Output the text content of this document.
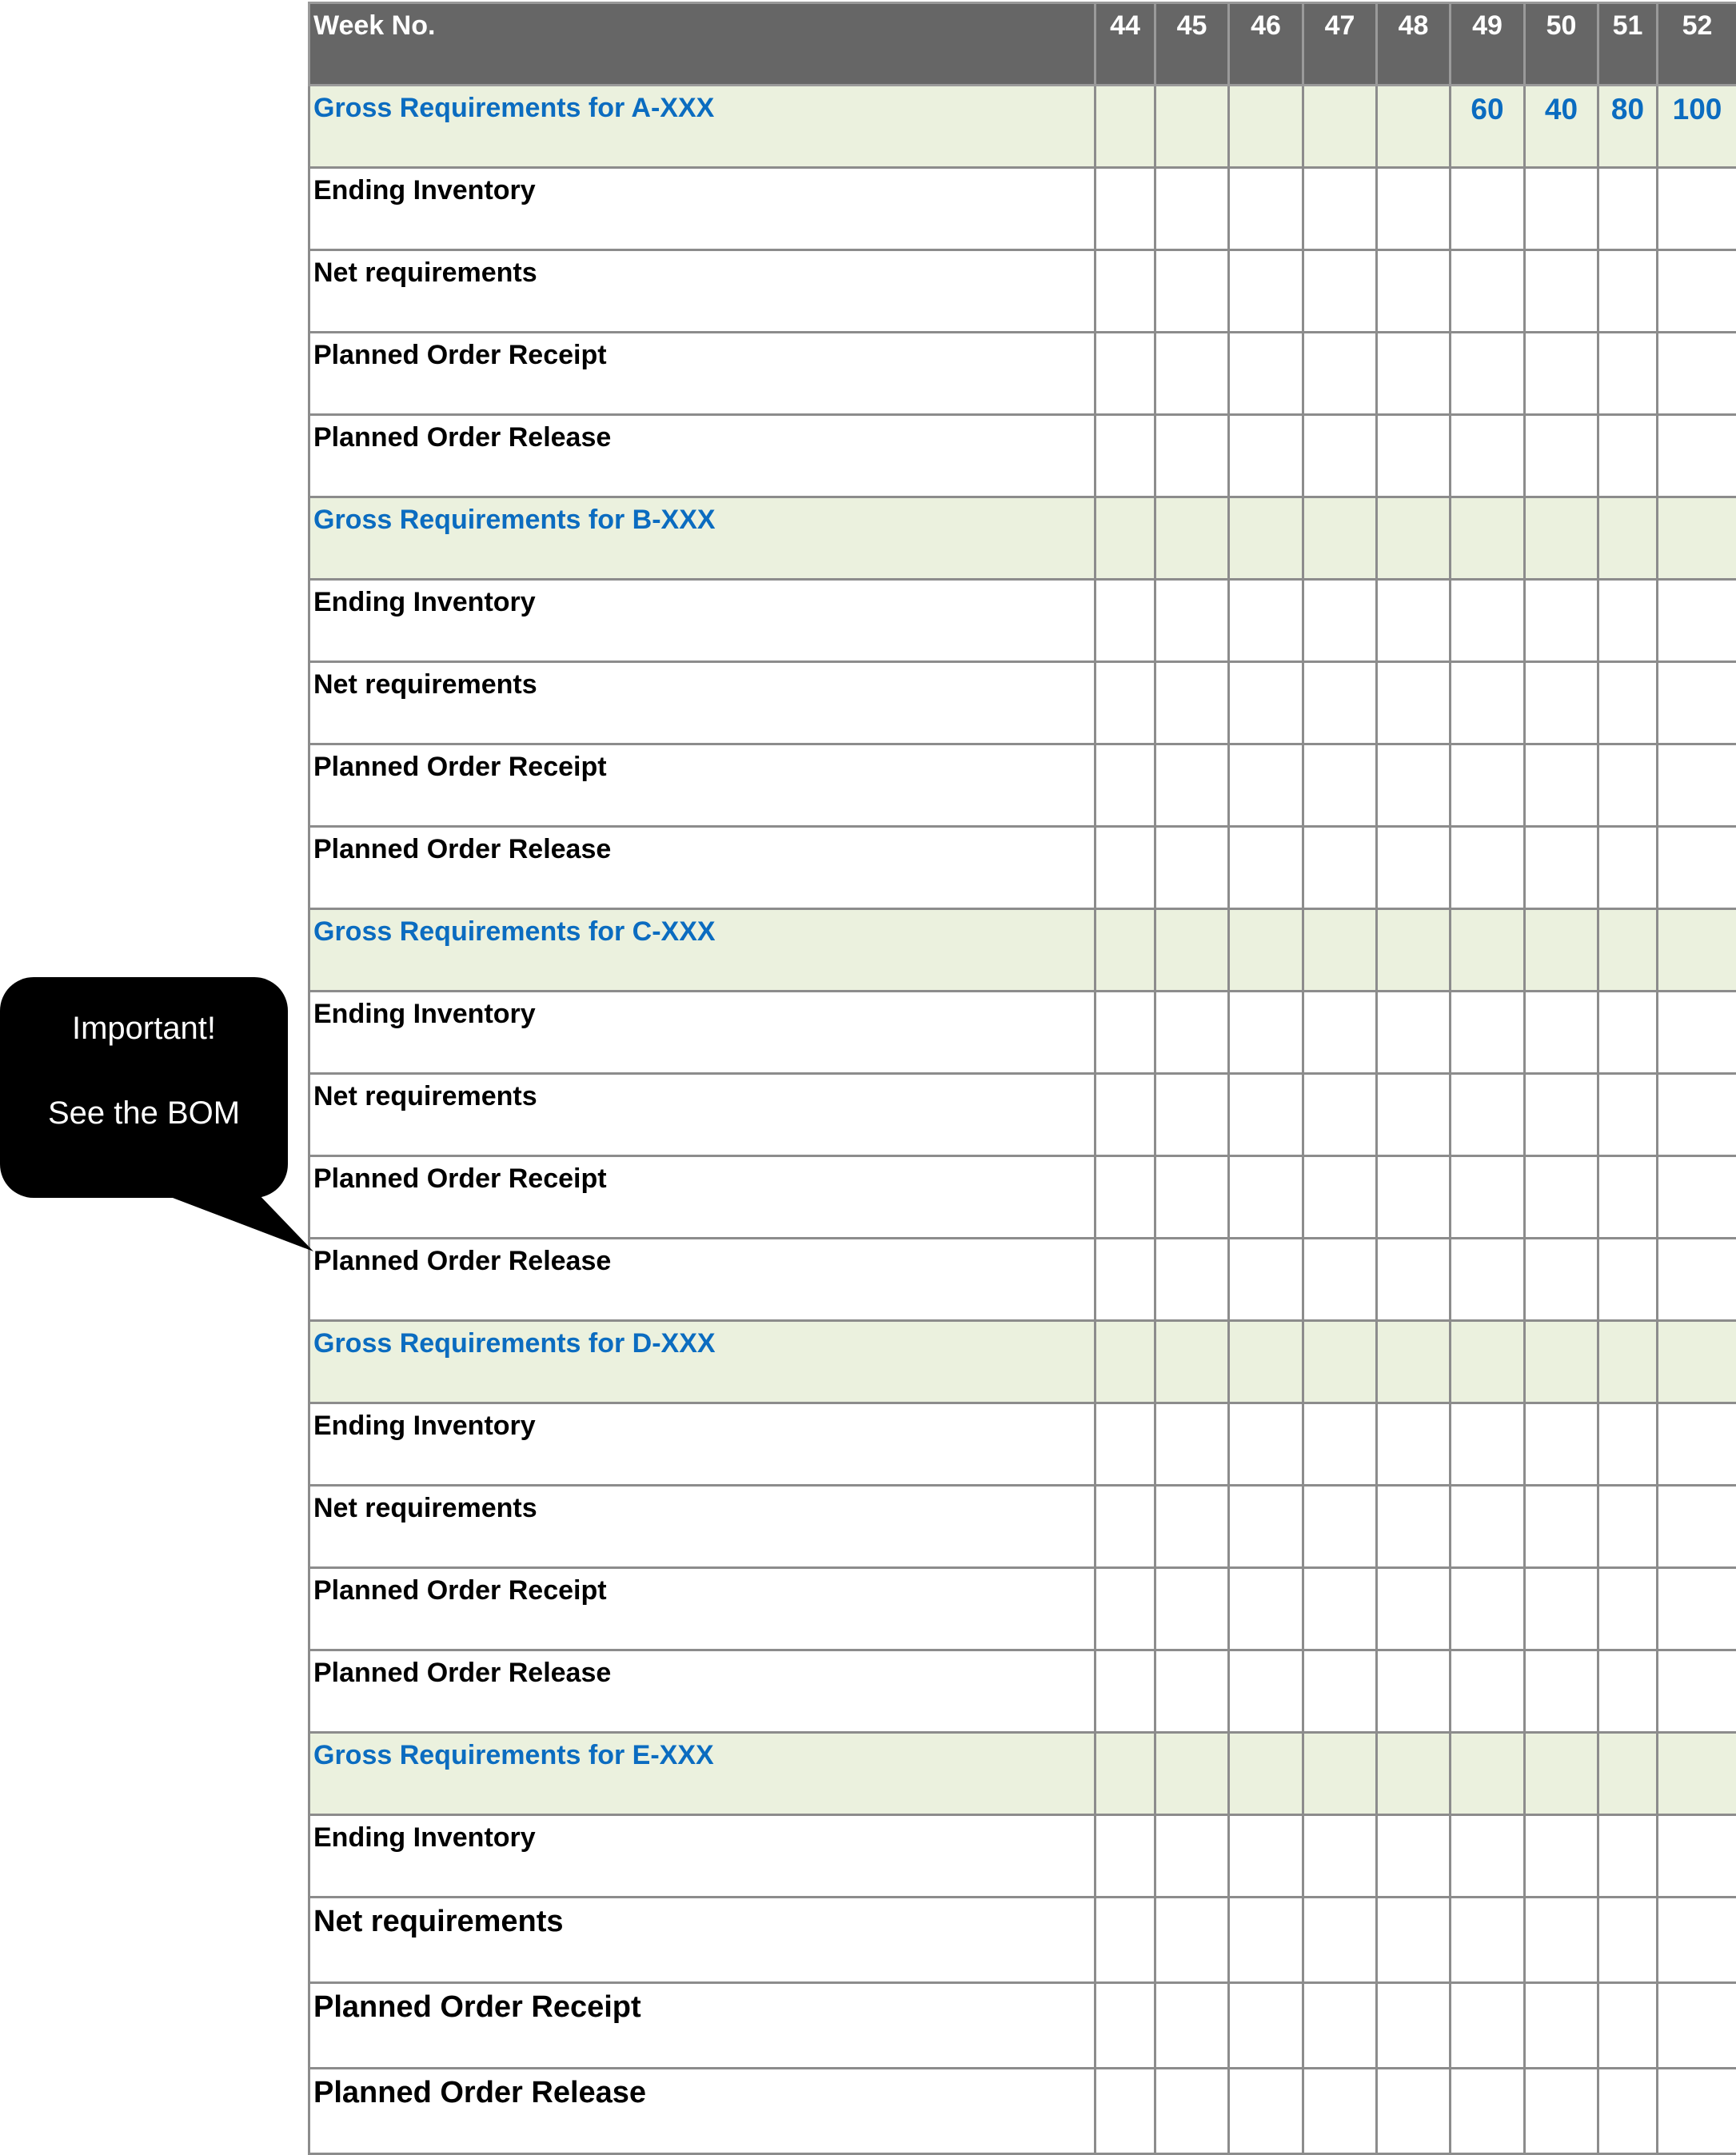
Week No.	44	45	46	47	48	49	50	51	52
Gross Requirements for A-XXX						60	40	80	100
Ending Inventory									
Net requirements									
Planned Order Receipt									
Planned Order Release									
Gross Requirements for B-XXX									
Ending Inventory									
Net requirements									
Planned Order Receipt									
Planned Order Release									
Gross Requirements for C-XXX									
Ending Inventory									
Net requirements									
Planned Order Receipt									
Planned Order Release									
Gross Requirements for D-XXX									
Ending Inventory									
Net requirements									
Planned Order Receipt									
Planned Order Release									
Gross Requirements for E-XXX									
Ending Inventory									
Net requirements									
Planned Order Receipt									
Planned Order Release									
Important!
See the BOM
